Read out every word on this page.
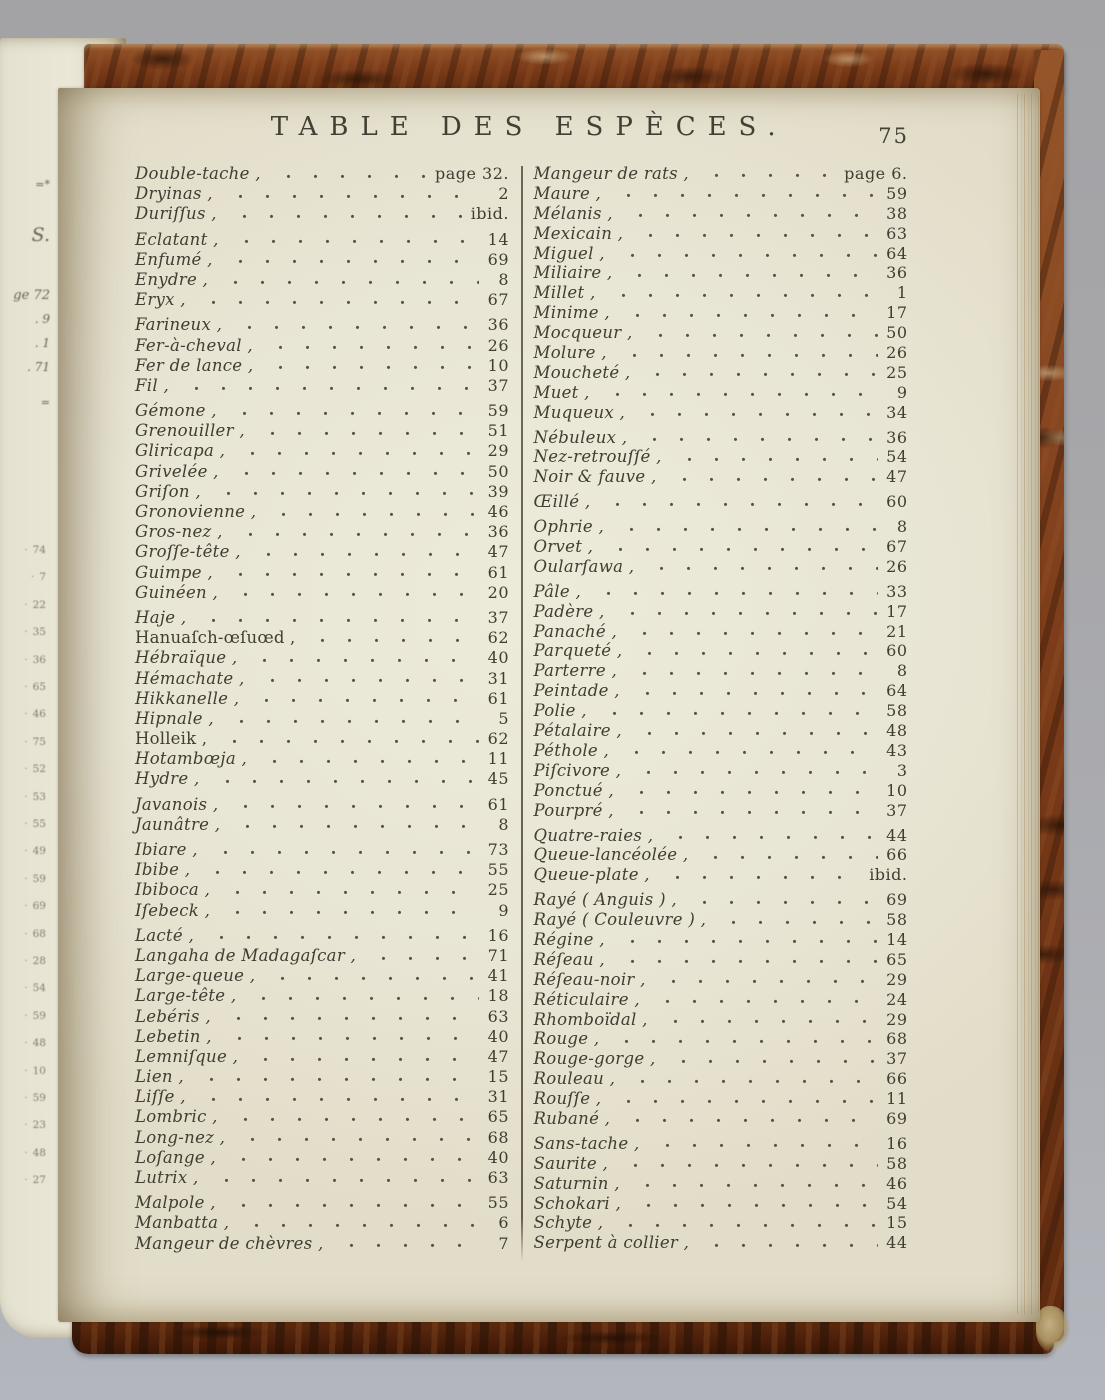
=*
S.
ge 72
. 9
. 1
. 71
=
· 74
· 7
· 22
· 35
· 36
· 65
· 46
· 75
· 52
· 53
· 55
· 49
· 59
· 69
· 68
· 28
· 54
· 59
· 48
· 10
· 59
· 23
· 48
· 27
TABLE DES ESPÈCES.	75
Double-tache ,	page 32.
Dryinas ,	2
Duriſſus ,	ibid.
Eclatant ,	14
Enfumé ,	69
Enydre ,	8
Eryx ,	67
Farineux ,	36
Fer-à-cheval ,	26
Fer de lance ,	10
Fil ,	37
Gémone ,	59
Grenouiller ,	51
Gliricapa ,	29
Grivelée ,	50
Griſon ,	39
Gronovienne ,	46
Gros-nez ,	36
Groſſe-tête ,	47
Guimpe ,	61
Guinéen ,	20
Haje ,	37
Hanuaſch-œſuœd ,	62
Hébraïque ,	40
Hémachate ,	31
Hikkanelle ,	61
Hipnale ,	5
Holleik ,	62
Hotambœja ,	11
Hydre ,	45
Javanois ,	61
Jaunâtre ,	8
Ibiare ,	73
Ibibe ,	55
Ibiboca ,	25
Iſebeck ,	9
Lacté ,	16
Langaha de Madagaſcar ,	71
Large-queue ,	41
Large-tête ,	18
Lebéris ,	63
Lebetin ,	40
Lemniſque ,	47
Lien ,	15
Liſſe ,	31
Lombric ,	65
Long-nez ,	68
Loſange ,	40
Lutrix ,	63
Malpole ,	55
Manbatta ,	6
Mangeur de chèvres ,	7
Mangeur de rats ,	page 6.
Maure ,	59
Mélanis ,	38
Mexicain ,	63
Miguel ,	64
Miliaire ,	36
Millet ,	1
Minime ,	17
Mocqueur ,	50
Molure ,	26
Moucheté ,	25
Muet ,	9
Muqueux ,	34
Nébuleux ,	36
Nez-retrouſſé ,	54
Noir & fauve ,	47
Œillé ,	60
Ophrie ,	8
Orvet ,	67
Oularſawa ,	26
Pâle ,	33
Padère ,	17
Panaché ,	21
Parqueté ,	60
Parterre ,	8
Peintade ,	64
Polie ,	58
Pétalaire ,	48
Péthole ,	43
Piſcivore ,	3
Ponctué ,	10
Pourpré ,	37
Quatre-raies ,	44
Queue-lancéolée ,	66
Queue-plate ,	ibid.
Rayé ( Anguis ) ,	69
Rayé ( Couleuvre ) ,	58
Régine ,	14
Réſeau ,	65
Réſeau-noir ,	29
Réticulaire ,	24
Rhomboïdal ,	29
Rouge ,	68
Rouge-gorge ,	37
Rouleau ,	66
Rouſſe ,	11
Rubané ,	69
Sans-tache ,	16
Saurite ,	58
Saturnin ,	46
Schokari ,	54
Schyte ,	15
Serpent à collier ,	44
